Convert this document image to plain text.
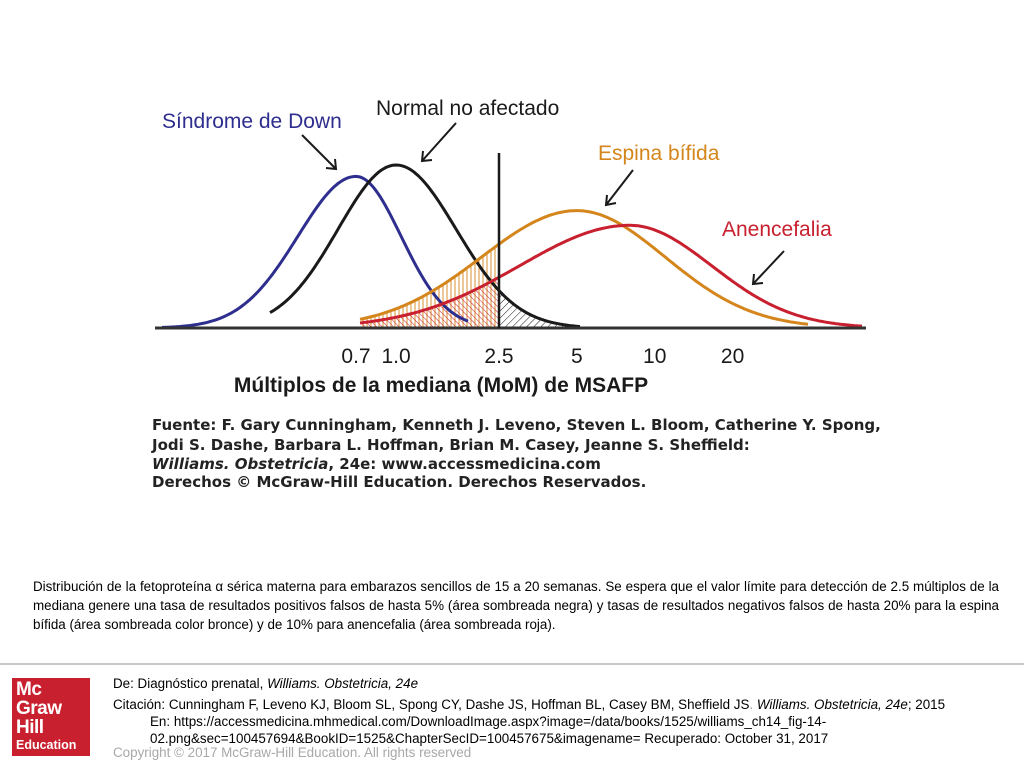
0.7 1.0	2.5	5	10	20
Múltiplos de la mediana (MoM) de MSAFP
Síndrome de Down
Normal no afectado
Espina bífida
Anencefalia
Fuente: F. Gary Cunningham, Kenneth J. Leveno, Steven L. Bloom, Catherine Y. Spong,
Jodi S. Dashe, Barbara L. Hoffman, Brian M. Casey, Jeanne S. Sheffield:
Williams. Obstetricia, 24e: www.accessmedicina.com
Derechos © McGraw-Hill Education. Derechos Reservados.
Distribución de la fetoproteína α sérica materna para embarazos sencillos de 15 a 20 semanas. Se espera que el valor límite para detección de 2.5 múltiplos de la mediana genere una tasa de resultados positivos falsos de hasta 5% (área sombreada negra) y tasas de resultados negativos falsos de hasta 20% para la espina bífida (área sombreada color bronce) y de 10% para anencefalia (área sombreada roja).
Mc
Graw
Hill
Education
De: Diagnóstico prenatal, Williams. Obstetricia, 24e
Citación: Cunningham F, Leveno KJ, Bloom SL, Spong CY, Dashe JS, Hoffman BL, Casey BM, Sheffield JS. Williams. Obstetricia, 24e; 2015
En: https://accessmedicina.mhmedical.com/DownloadImage.aspx?image=/data/books/1525/williams_ch14_fig-14-
02.png&sec=100457694&BookID=1525&ChapterSecID=100457675&imagename= Recuperado: October 31, 2017
Copyright © 2017 McGraw-Hill Education. All rights reserved
